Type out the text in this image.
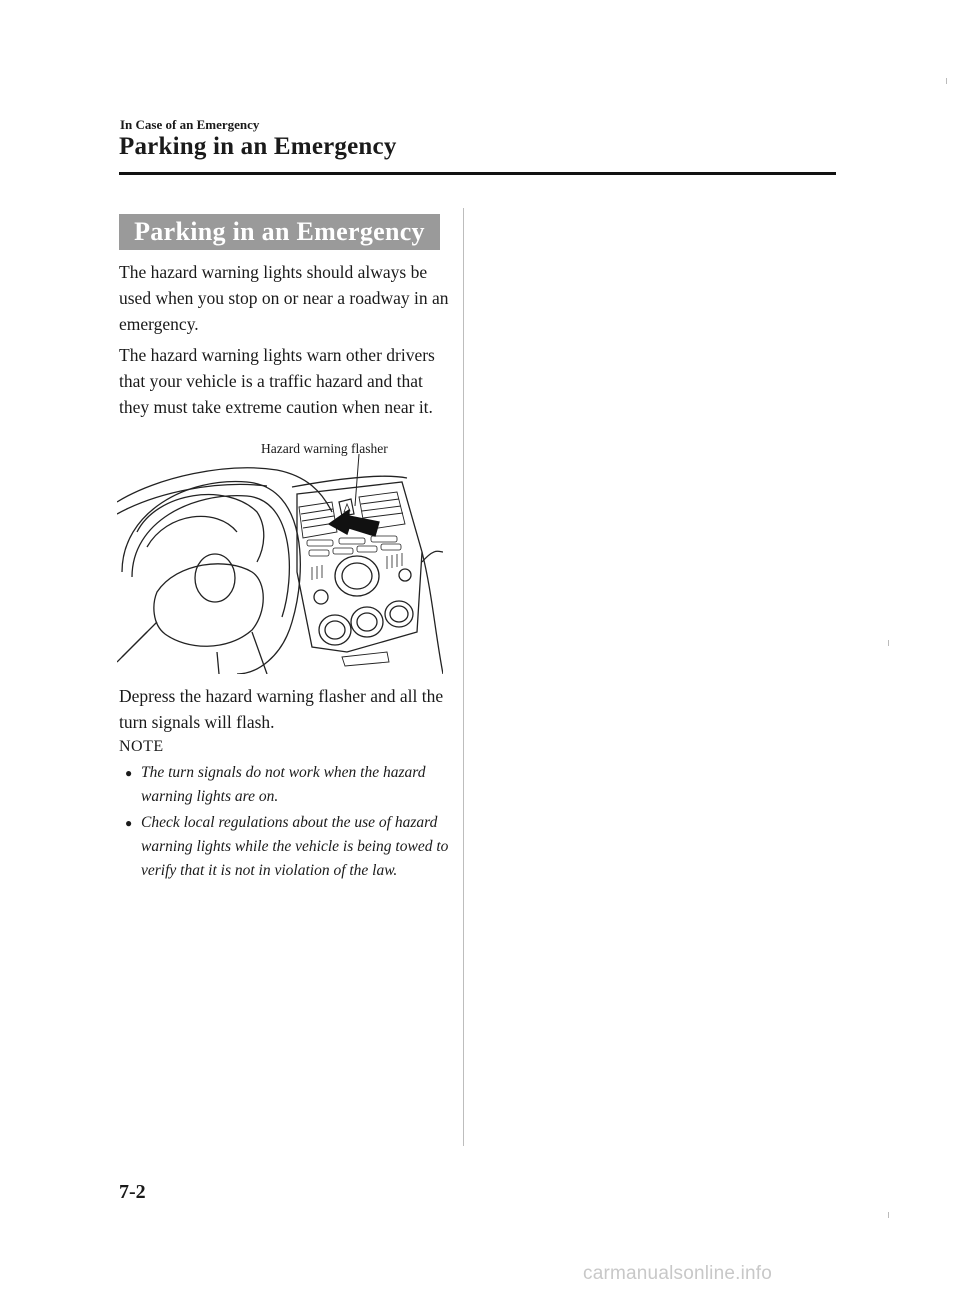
In Case of an Emergency
Parking in an Emergency
Parking in an Emergency
The hazard warning lights should always be used when you stop on or near a roadway in an emergency.
The hazard warning lights warn other drivers that your vehicle is a traffic hazard and that they must take extreme caution when near it.
Hazard warning flasher
Depress the hazard warning flasher and all the turn signals will flash.
NOTE
● The turn signals do not work when the hazard warning lights are on.
● Check local regulations about the use of hazard warning lights while the vehicle is being towed to verify that it is not in violation of the law.
7-2
carmanualsonline.info
